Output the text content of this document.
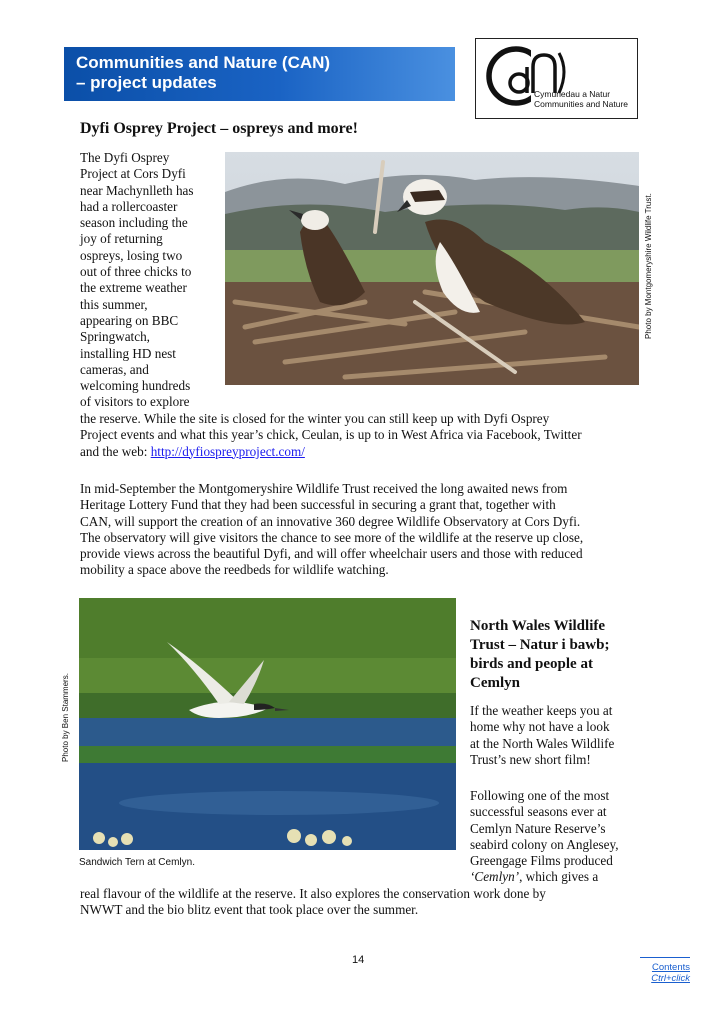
Communities and Nature (CAN)
– project updates
Cymunedau a Natur
Communities and Nature
Dyfi Osprey Project – ospreys and more!
The Dyfi Osprey
Project at Cors Dyfi
near Machynlleth has
had a rollercoaster
season including the
joy of returning
ospreys, losing two
out of three chicks to
the extreme weather
this summer,
appearing on BBC
Springwatch,
installing HD nest
cameras, and
welcoming hundreds
of visitors to explore
Photo by Montgomeryshire Wildlife Trust.
the reserve. While the site is closed for the winter you can still keep up with Dyfi Osprey
Project events and what this year’s chick, Ceulan, is up to in West Africa via Facebook, Twitter
and the web: http://dyfiospreyproject.com/
In mid-September the Montgomeryshire Wildlife Trust received the long awaited news from
Heritage Lottery Fund that they had been successful in securing a grant that, together with
CAN, will support the creation of an innovative 360 degree Wildlife Observatory at Cors Dyfi.
The observatory will give visitors the chance to see more of the wildlife at the reserve up close,
provide views across the beautiful Dyfi, and will offer wheelchair users and those with reduced
mobility a space above the reedbeds for wildlife watching.
Photo by Ben Stammers.
Sandwich Tern at Cemlyn.
North Wales Wildlife
Trust – Natur i bawb;
birds and people at
Cemlyn
If the weather keeps you at
home why not have a look
at the North Wales Wildlife
Trust’s new short film!
Following one of the most
successful seasons ever at
Cemlyn Nature Reserve’s
seabird colony on Anglesey,
Greengage Films produced
‘Cemlyn’, which gives a
real flavour of the wildlife at the reserve. It also explores the conservation work done by
NWWT and the bio blitz event that took place over the summer.
14
Contents
Ctrl+click
